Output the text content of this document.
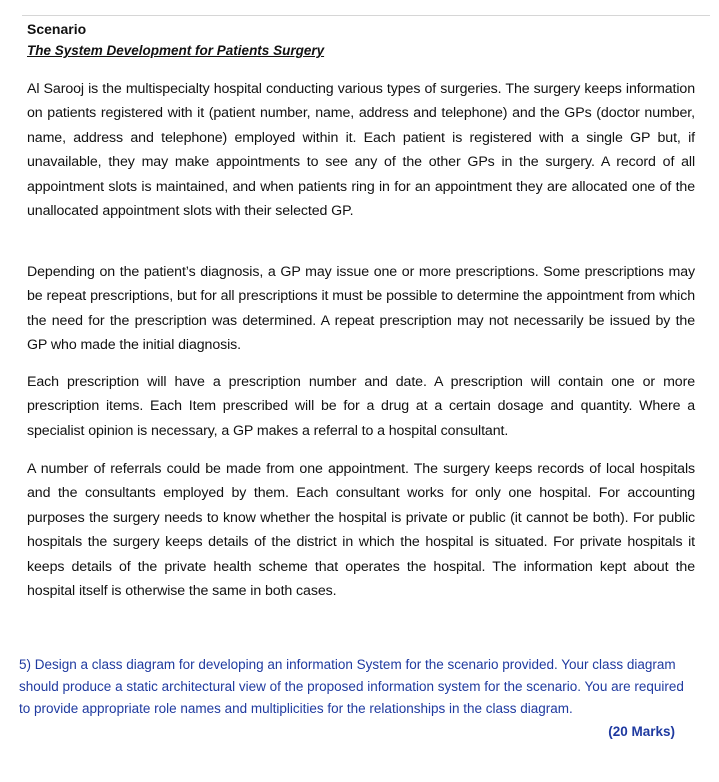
Scenario
The System Development for Patients Surgery

Al Sarooj is the multispecialty hospital conducting various types of surgeries. The surgery keeps information on patients registered with it (patient number, name, address and telephone) and the GPs (doctor number, name, address and telephone) employed within it. Each patient is registered with a single GP but, if unavailable, they may make appointments to see any of the other GPs in the surgery. A record of all appointment slots is maintained, and when patients ring in for an appointment they are allocated one of the unallocated appointment slots with their selected GP.

Depending on the patient’s diagnosis, a GP may issue one or more prescriptions. Some prescriptions may be repeat prescriptions, but for all prescriptions it must be possible to determine the appointment from which the need for the prescription was determined. A repeat prescription may not necessarily be issued by the GP who made the initial diagnosis.

Each prescription will have a prescription number and date. A prescription will contain one or more prescription items. Each Item prescribed will be for a drug at a certain dosage and quantity. Where a specialist opinion is necessary, a GP makes a referral to a hospital consultant.

A number of referrals could be made from one appointment. The surgery keeps records of local hospitals and the consultants employed by them. Each consultant works for only one hospital. For accounting purposes the surgery needs to know whether the hospital is private or public (it cannot be both). For public hospitals the surgery keeps details of the district in which the hospital is situated. For private hospitals it keeps details of the private health scheme that operates the hospital. The information kept about the hospital itself is otherwise the same in both cases.

5) Design a class diagram for developing an information System for the scenario provided. Your class diagram should produce a static architectural view of the proposed information system for the scenario. You are required to provide appropriate role names and multiplicities for the relationships in the class diagram.
(20 Marks)
